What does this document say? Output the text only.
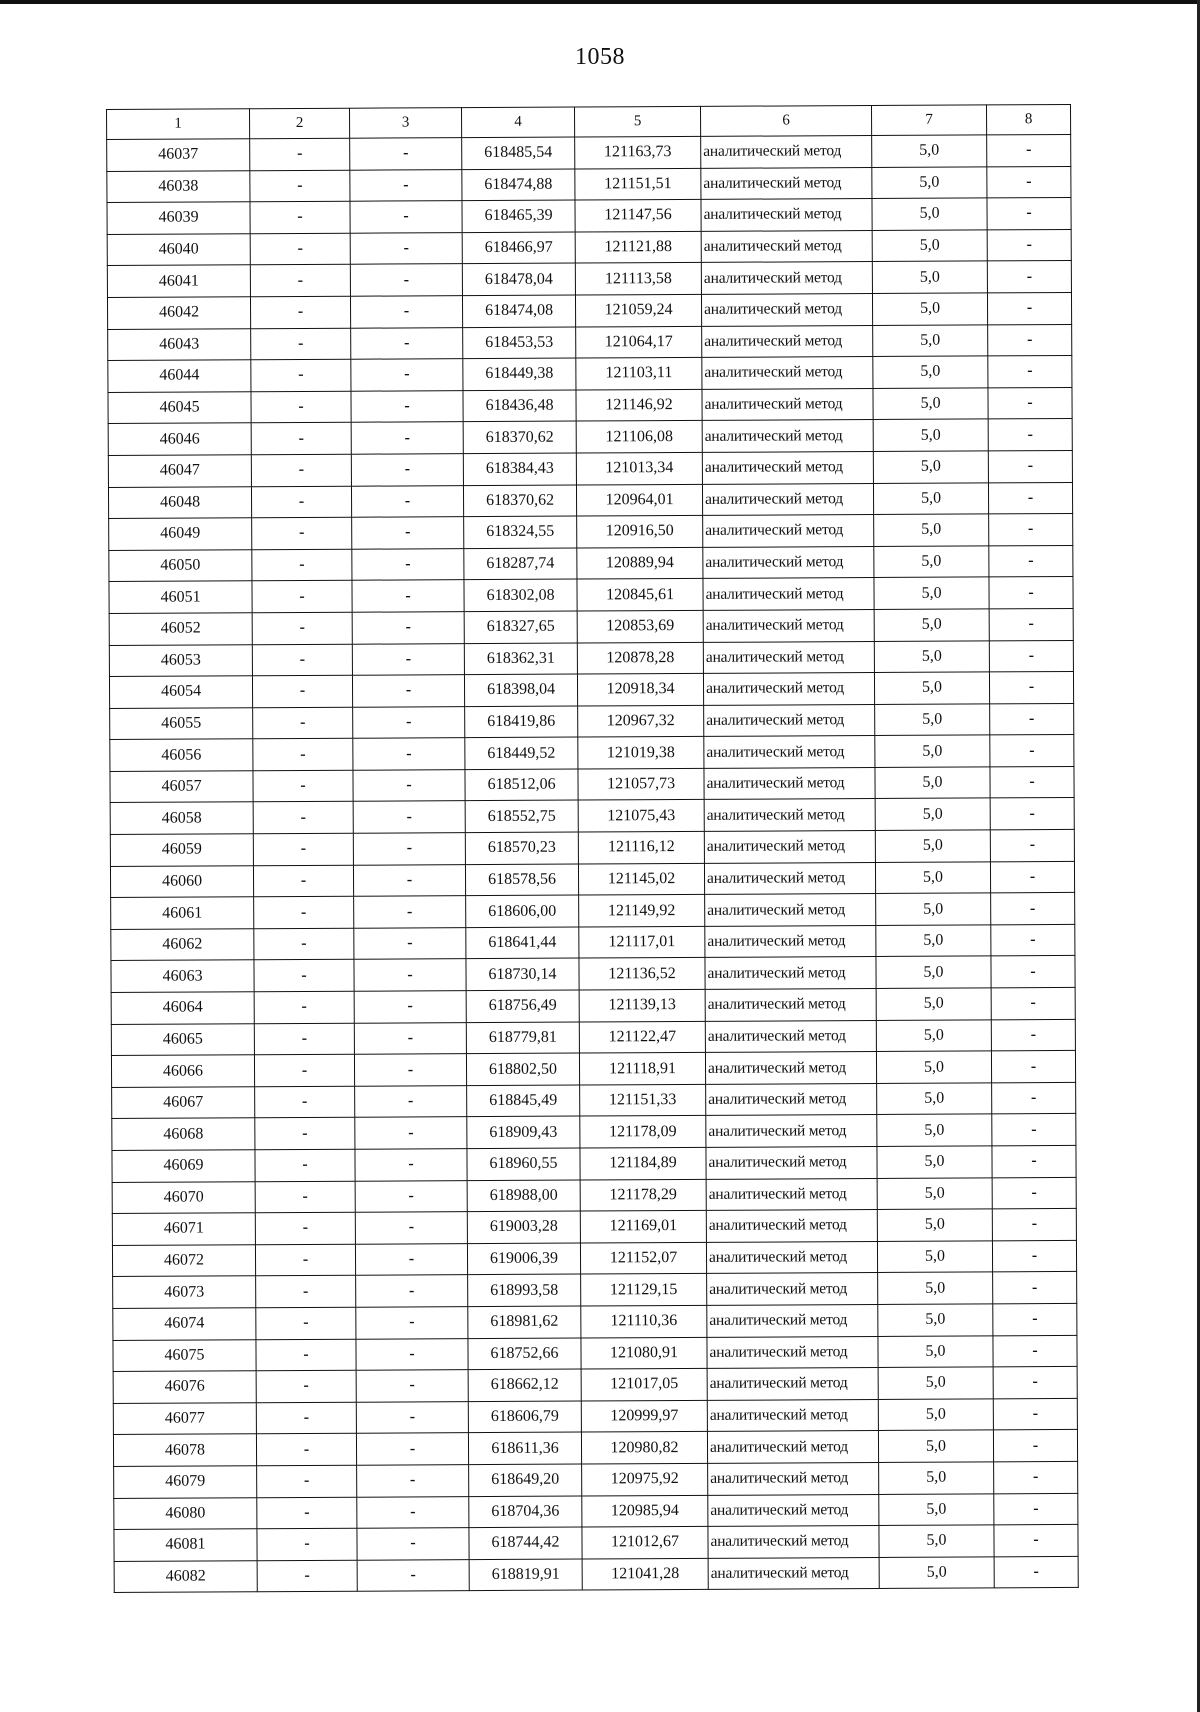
1058
1	2	3	4	5	6	7	8
46037	-	-	618485,54	121163,73	аналитический метод	5,0	-
46038	-	-	618474,88	121151,51	аналитический метод	5,0	-
46039	-	-	618465,39	121147,56	аналитический метод	5,0	-
46040	-	-	618466,97	121121,88	аналитический метод	5,0	-
46041	-	-	618478,04	121113,58	аналитический метод	5,0	-
46042	-	-	618474,08	121059,24	аналитический метод	5,0	-
46043	-	-	618453,53	121064,17	аналитический метод	5,0	-
46044	-	-	618449,38	121103,11	аналитический метод	5,0	-
46045	-	-	618436,48	121146,92	аналитический метод	5,0	-
46046	-	-	618370,62	121106,08	аналитический метод	5,0	-
46047	-	-	618384,43	121013,34	аналитический метод	5,0	-
46048	-	-	618370,62	120964,01	аналитический метод	5,0	-
46049	-	-	618324,55	120916,50	аналитический метод	5,0	-
46050	-	-	618287,74	120889,94	аналитический метод	5,0	-
46051	-	-	618302,08	120845,61	аналитический метод	5,0	-
46052	-	-	618327,65	120853,69	аналитический метод	5,0	-
46053	-	-	618362,31	120878,28	аналитический метод	5,0	-
46054	-	-	618398,04	120918,34	аналитический метод	5,0	-
46055	-	-	618419,86	120967,32	аналитический метод	5,0	-
46056	-	-	618449,52	121019,38	аналитический метод	5,0	-
46057	-	-	618512,06	121057,73	аналитический метод	5,0	-
46058	-	-	618552,75	121075,43	аналитический метод	5,0	-
46059	-	-	618570,23	121116,12	аналитический метод	5,0	-
46060	-	-	618578,56	121145,02	аналитический метод	5,0	-
46061	-	-	618606,00	121149,92	аналитический метод	5,0	-
46062	-	-	618641,44	121117,01	аналитический метод	5,0	-
46063	-	-	618730,14	121136,52	аналитический метод	5,0	-
46064	-	-	618756,49	121139,13	аналитический метод	5,0	-
46065	-	-	618779,81	121122,47	аналитический метод	5,0	-
46066	-	-	618802,50	121118,91	аналитический метод	5,0	-
46067	-	-	618845,49	121151,33	аналитический метод	5,0	-
46068	-	-	618909,43	121178,09	аналитический метод	5,0	-
46069	-	-	618960,55	121184,89	аналитический метод	5,0	-
46070	-	-	618988,00	121178,29	аналитический метод	5,0	-
46071	-	-	619003,28	121169,01	аналитический метод	5,0	-
46072	-	-	619006,39	121152,07	аналитический метод	5,0	-
46073	-	-	618993,58	121129,15	аналитический метод	5,0	-
46074	-	-	618981,62	121110,36	аналитический метод	5,0	-
46075	-	-	618752,66	121080,91	аналитический метод	5,0	-
46076	-	-	618662,12	121017,05	аналитический метод	5,0	-
46077	-	-	618606,79	120999,97	аналитический метод	5,0	-
46078	-	-	618611,36	120980,82	аналитический метод	5,0	-
46079	-	-	618649,20	120975,92	аналитический метод	5,0	-
46080	-	-	618704,36	120985,94	аналитический метод	5,0	-
46081	-	-	618744,42	121012,67	аналитический метод	5,0	-
46082	-	-	618819,91	121041,28	аналитический метод	5,0	-
